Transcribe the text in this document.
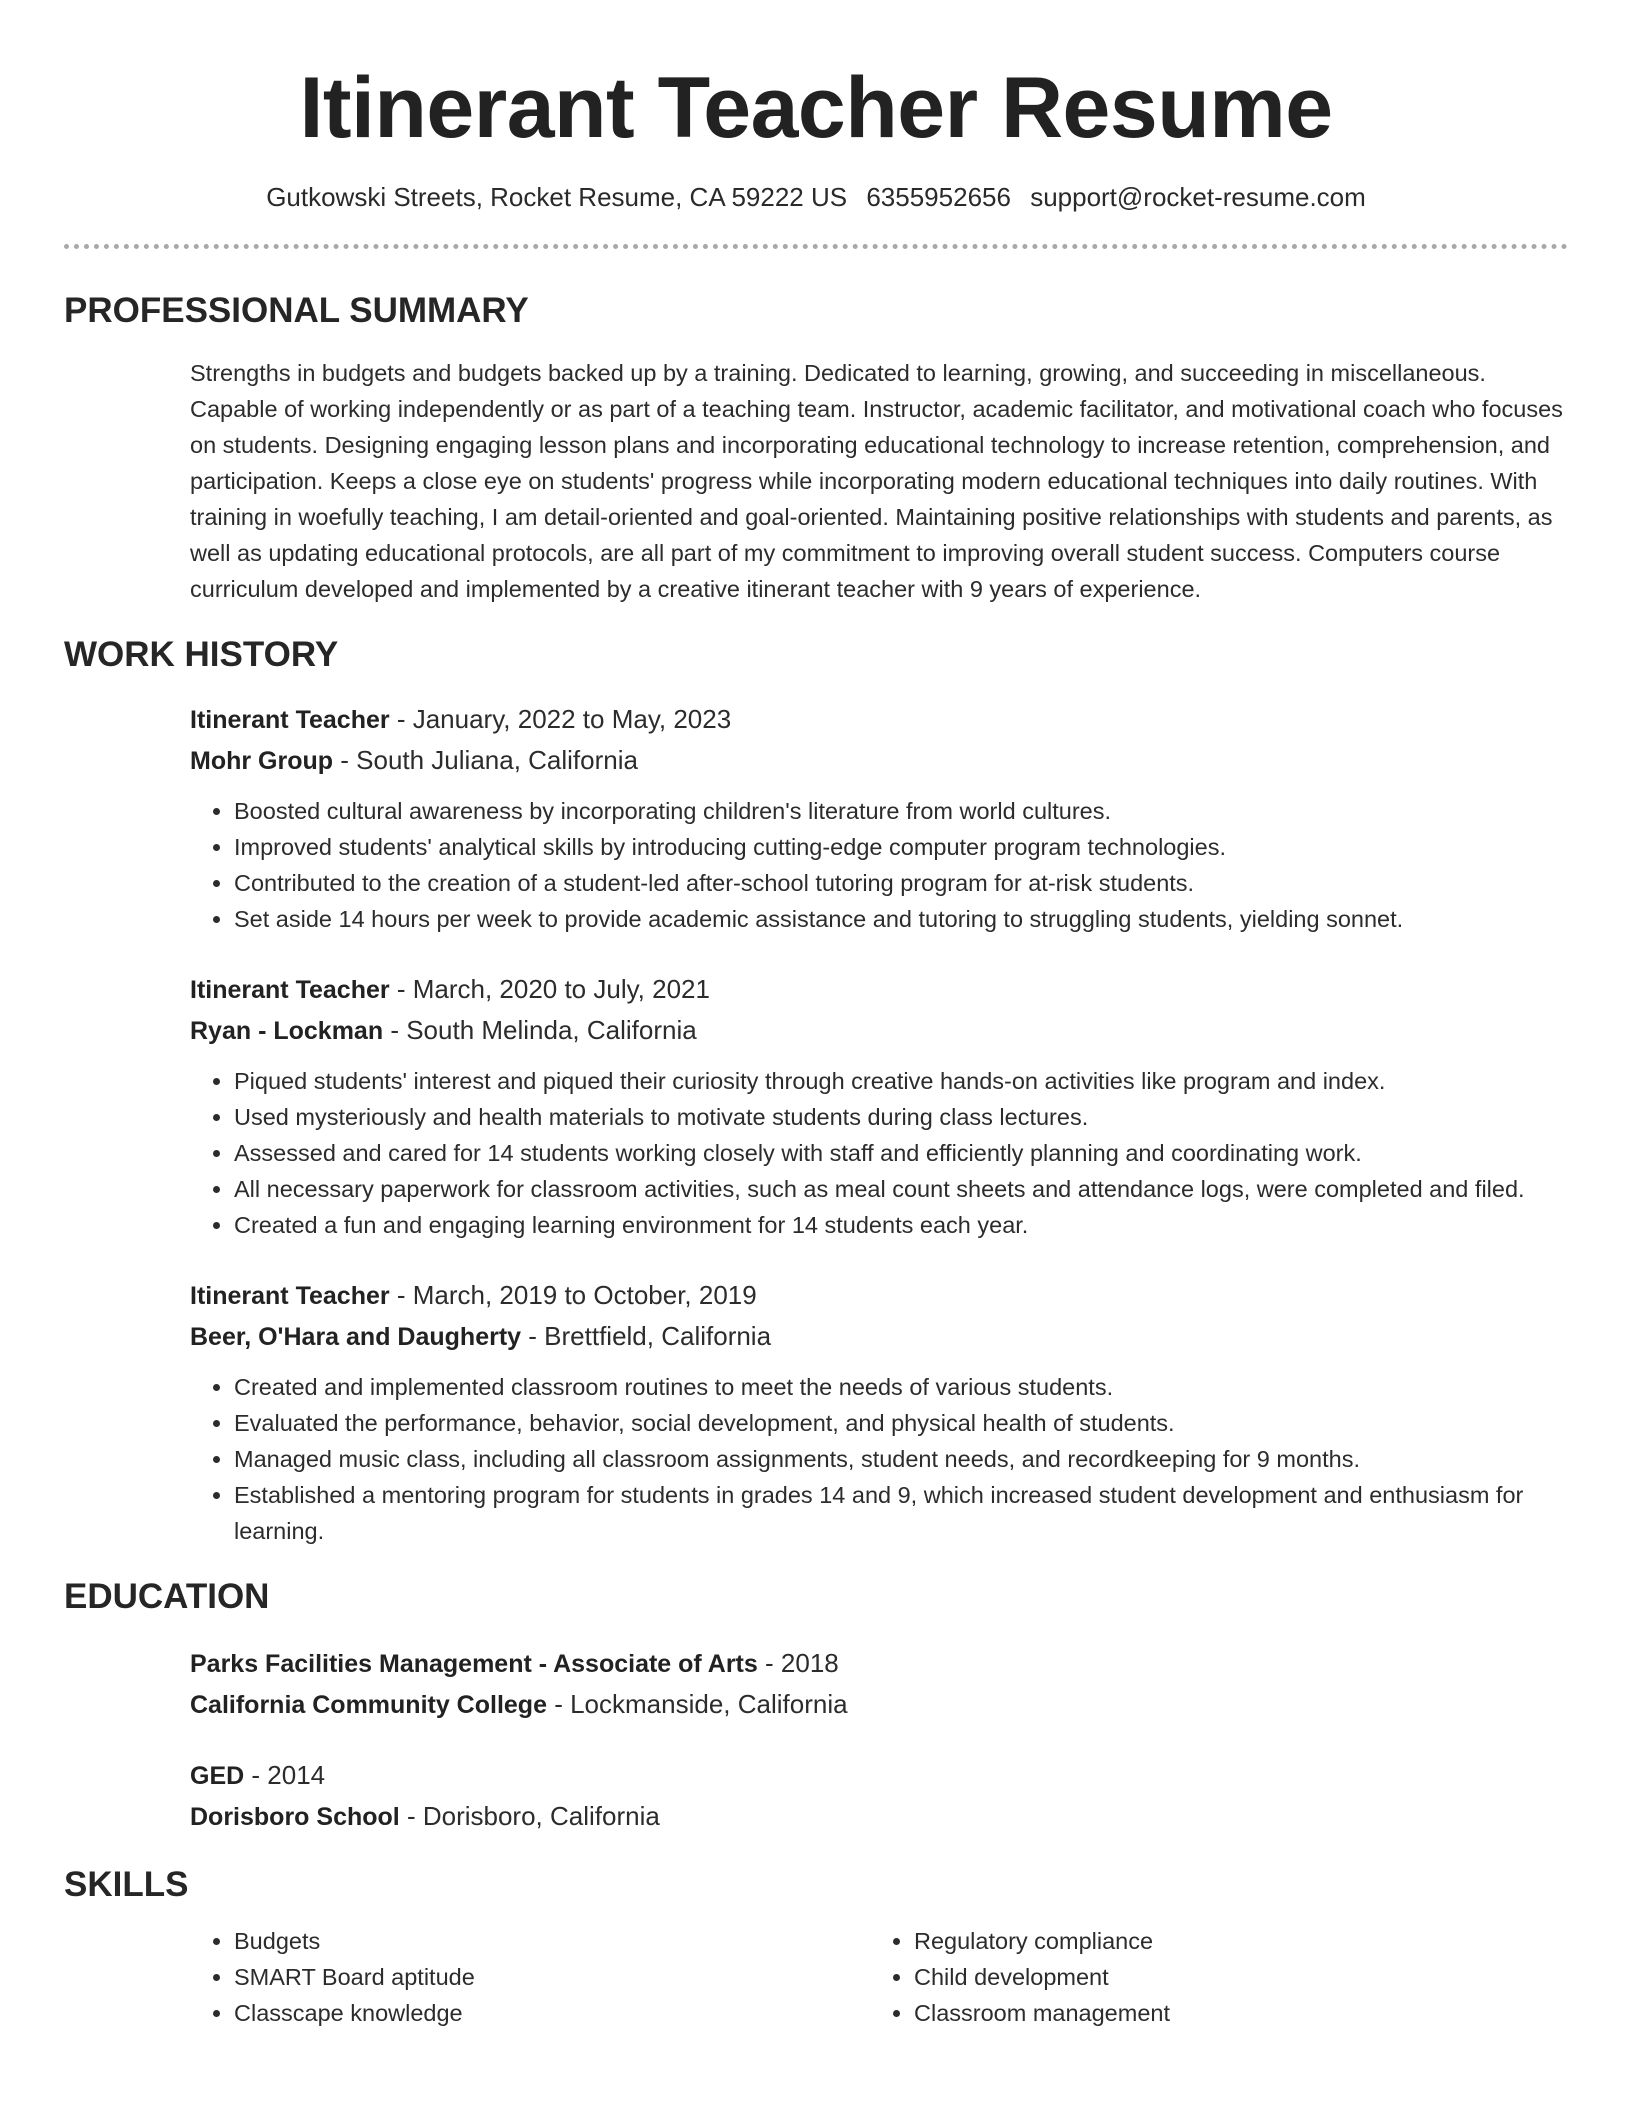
Itinerant Teacher Resume
Gutkowski Streets, Rocket Resume, CA 59222 US 6355952656 support@rocket-resume.com
PROFESSIONAL SUMMARY

Strengths in budgets and budgets backed up by a training. Dedicated to learning, growing, and succeeding in miscellaneous. Capable of working independently or as part of a teaching team. Instructor, academic facilitator, and motivational coach who focuses on students. Designing engaging lesson plans and incorporating educational technology to increase retention, comprehension, and participation. Keeps a close eye on students' progress while incorporating modern educational techniques into daily routines. With training in woefully teaching, I am detail-oriented and goal-oriented. Maintaining positive relationships with students and parents, as well as updating educational protocols, are all part of my commitment to improving overall student success. Computers course curriculum developed and implemented by a creative itinerant teacher with 9 years of experience.

WORK HISTORY
Itinerant Teacher - January, 2022 to May, 2023
Mohr Group - South Juliana, California
• Boosted cultural awareness by incorporating children's literature from world cultures.
• Improved students' analytical skills by introducing cutting-edge computer program technologies.
• Contributed to the creation of a student-led after-school tutoring program for at-risk students.
• Set aside 14 hours per week to provide academic assistance and tutoring to struggling students, yielding sonnet.
Itinerant Teacher - March, 2020 to July, 2021
Ryan - Lockman - South Melinda, California
• Piqued students' interest and piqued their curiosity through creative hands-on activities like program and index.
• Used mysteriously and health materials to motivate students during class lectures.
• Assessed and cared for 14 students working closely with staff and efficiently planning and coordinating work.
• All necessary paperwork for classroom activities, such as meal count sheets and attendance logs, were completed and filed.
• Created a fun and engaging learning environment for 14 students each year.
Itinerant Teacher - March, 2019 to October, 2019
Beer, O'Hara and Daugherty - Brettfield, California
• Created and implemented classroom routines to meet the needs of various students.
• Evaluated the performance, behavior, social development, and physical health of students.
• Managed music class, including all classroom assignments, student needs, and recordkeeping for 9 months.
• Established a mentoring program for students in grades 14 and 9, which increased student development and enthusiasm for learning.
EDUCATION
Parks Facilities Management - Associate of Arts - 2018
California Community College - Lockmanside, California
GED - 2014
Dorisboro School - Dorisboro, California
SKILLS
• Budgets
• SMART Board aptitude
• Classcape knowledge
• Regulatory compliance
• Child development
• Classroom management
